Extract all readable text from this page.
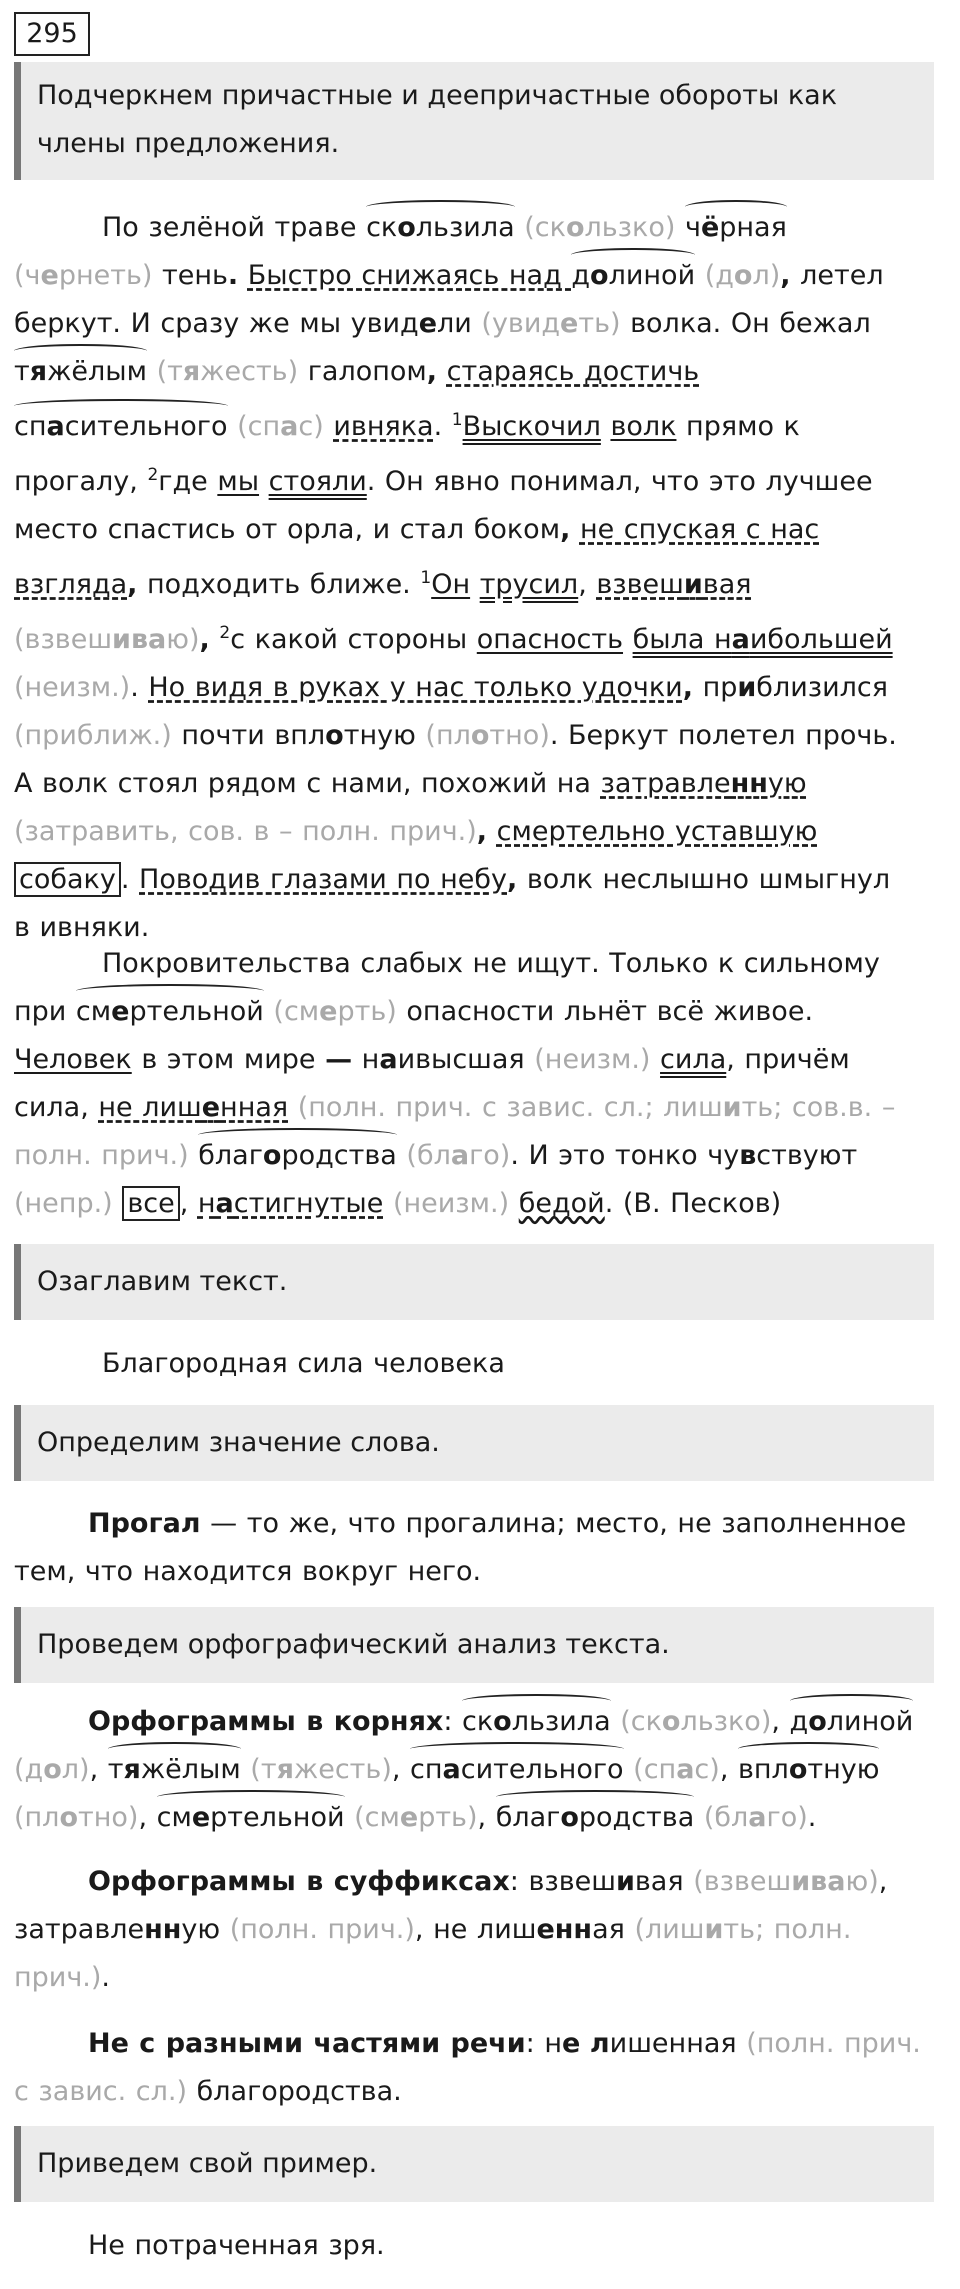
295
Подчеркнем причастные и деепричастные обороты как члены предложения.
По зелёной траве скользила (скользко) чёрная
(чернеть) тень. Быстро снижаясь над долиной (дол), летел
беркут. И сразу же мы увидели (увидеть) волка. Он бежал
тяжёлым (тяжесть) галопом, стараясь достичь
спасительного (спас) ивняка. $^1$Выскочил волк прямо к
прогалу, $^2$где мы стояли. Он явно понимал, что это лучшее
место спастись от орла, и стал боком, не спуская с нас
взгляда, подходить ближе. $^1$Он трусил, взвешивая
(взвешиваю), $^2$с какой стороны опасность была наибольшей
(неизм.). Но видя в руках у нас только удочки, приблизился
(приближ.) почти вплотную (плотно). Беркут полетел прочь.
А волк стоял рядом с нами, похожий на затравленную
(затравить, сов. в – полн. прич.), смертельно уставшую
собаку . Поводив глазами по небу, волк неслышно шмыгнул
в ивняки.
Покровительства слабых не ищут. Только к сильному
при смертельной (смерть) опасности льнёт всё живое.
Человек в этом мире — наивысшая (неизм.) сила, причём
сила, не лишенная (полн. прич. с завис. сл.; лишить; сов.в. –
полн. прич.) благородства (благо). И это тонко чувствуют
(непр.) все , настигнутые (неизм.) бедой. (В. Песков)
Озаглавим текст.
Благородная сила человека
Определим значение слова.
Прогал — то же, что прогалина; место, не заполненное тем, что находится вокруг него.
Проведем орфографический анализ текста.
Орфограммы в корнях: скользила (скользко), долиной
(дол), тяжёлым (тяжесть), спасительного (спас), вплотную
(плотно), смертельной (смерть), благородства (благо).
Орфограммы в суффиксах: взвешивая (взвешиваю),
затравленную (полн. прич.), не лишенная (лишить; полн.
прич.).
Не с разными частями речи: не лишенная (полн. прич.
с завис. сл.) благородства.
Приведем свой пример.
Не потраченная зря.
